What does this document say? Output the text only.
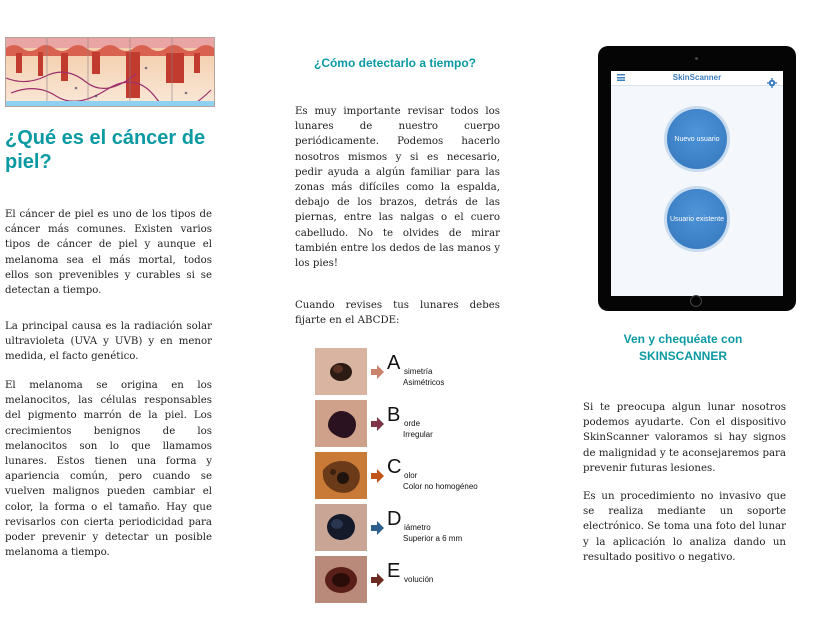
¿Qué es el cáncer de piel?

El cáncer de piel es uno de los tipos de cáncer más comunes. Existen varios tipos de cáncer de piel y aunque el melanoma sea el más mortal, todos ellos son prevenibles y curables si se detectan a tiempo.

La principal causa es la radiación solar ultravioleta (UVA y UVB) y en menor medida, el facto genético.

El melanoma se origina en los melanocitos, las células responsables del pigmento marrón de la piel. Los crecimientos benignos de los melanocitos son lo que llamamos lunares. Estos tienen una forma y apariencia común, pero cuando se vuelven malignos pueden cambiar el color, la forma o el tamaño. Hay que revisarlos con cierta periodicidad para poder prevenir y detectar un posible melanoma a tiempo.

¿Cómo detectarlo a tiempo?

Es muy importante revisar todos los lunares de nuestro cuerpo periódicamente. Podemos hacerlo nosotros mismos y si es necesario, pedir ayuda a algún familiar para las zonas más difíciles como la espalda, debajo de los brazos, detrás de las piernas, entre las nalgas o el cuero cabelludo. No te olvides de mirar también entre los dedos de las manos y los pies!

Cuando revises tus lunares debes fijarte en el ABCDE:

A simetría
Asimétricos
B orde
Irregular
C olor
Color no homogéneo
D iámetro
Superior a 6 mm
E volución
SkinScanner
Nuevo usuario
Usuario existente
Ven y chequéate con SKINSCANNER

Si te preocupa algun lunar nosotros podemos ayudarte. Con el dispositivo SkinScanner valoramos si hay signos de malignidad y te aconsejaremos para prevenir futuras lesiones.

Es un procedimiento no invasivo que se realiza mediante un soporte electrónico. Se toma una foto del lunar y la aplicación lo analiza dando un resultado positivo o negativo.
